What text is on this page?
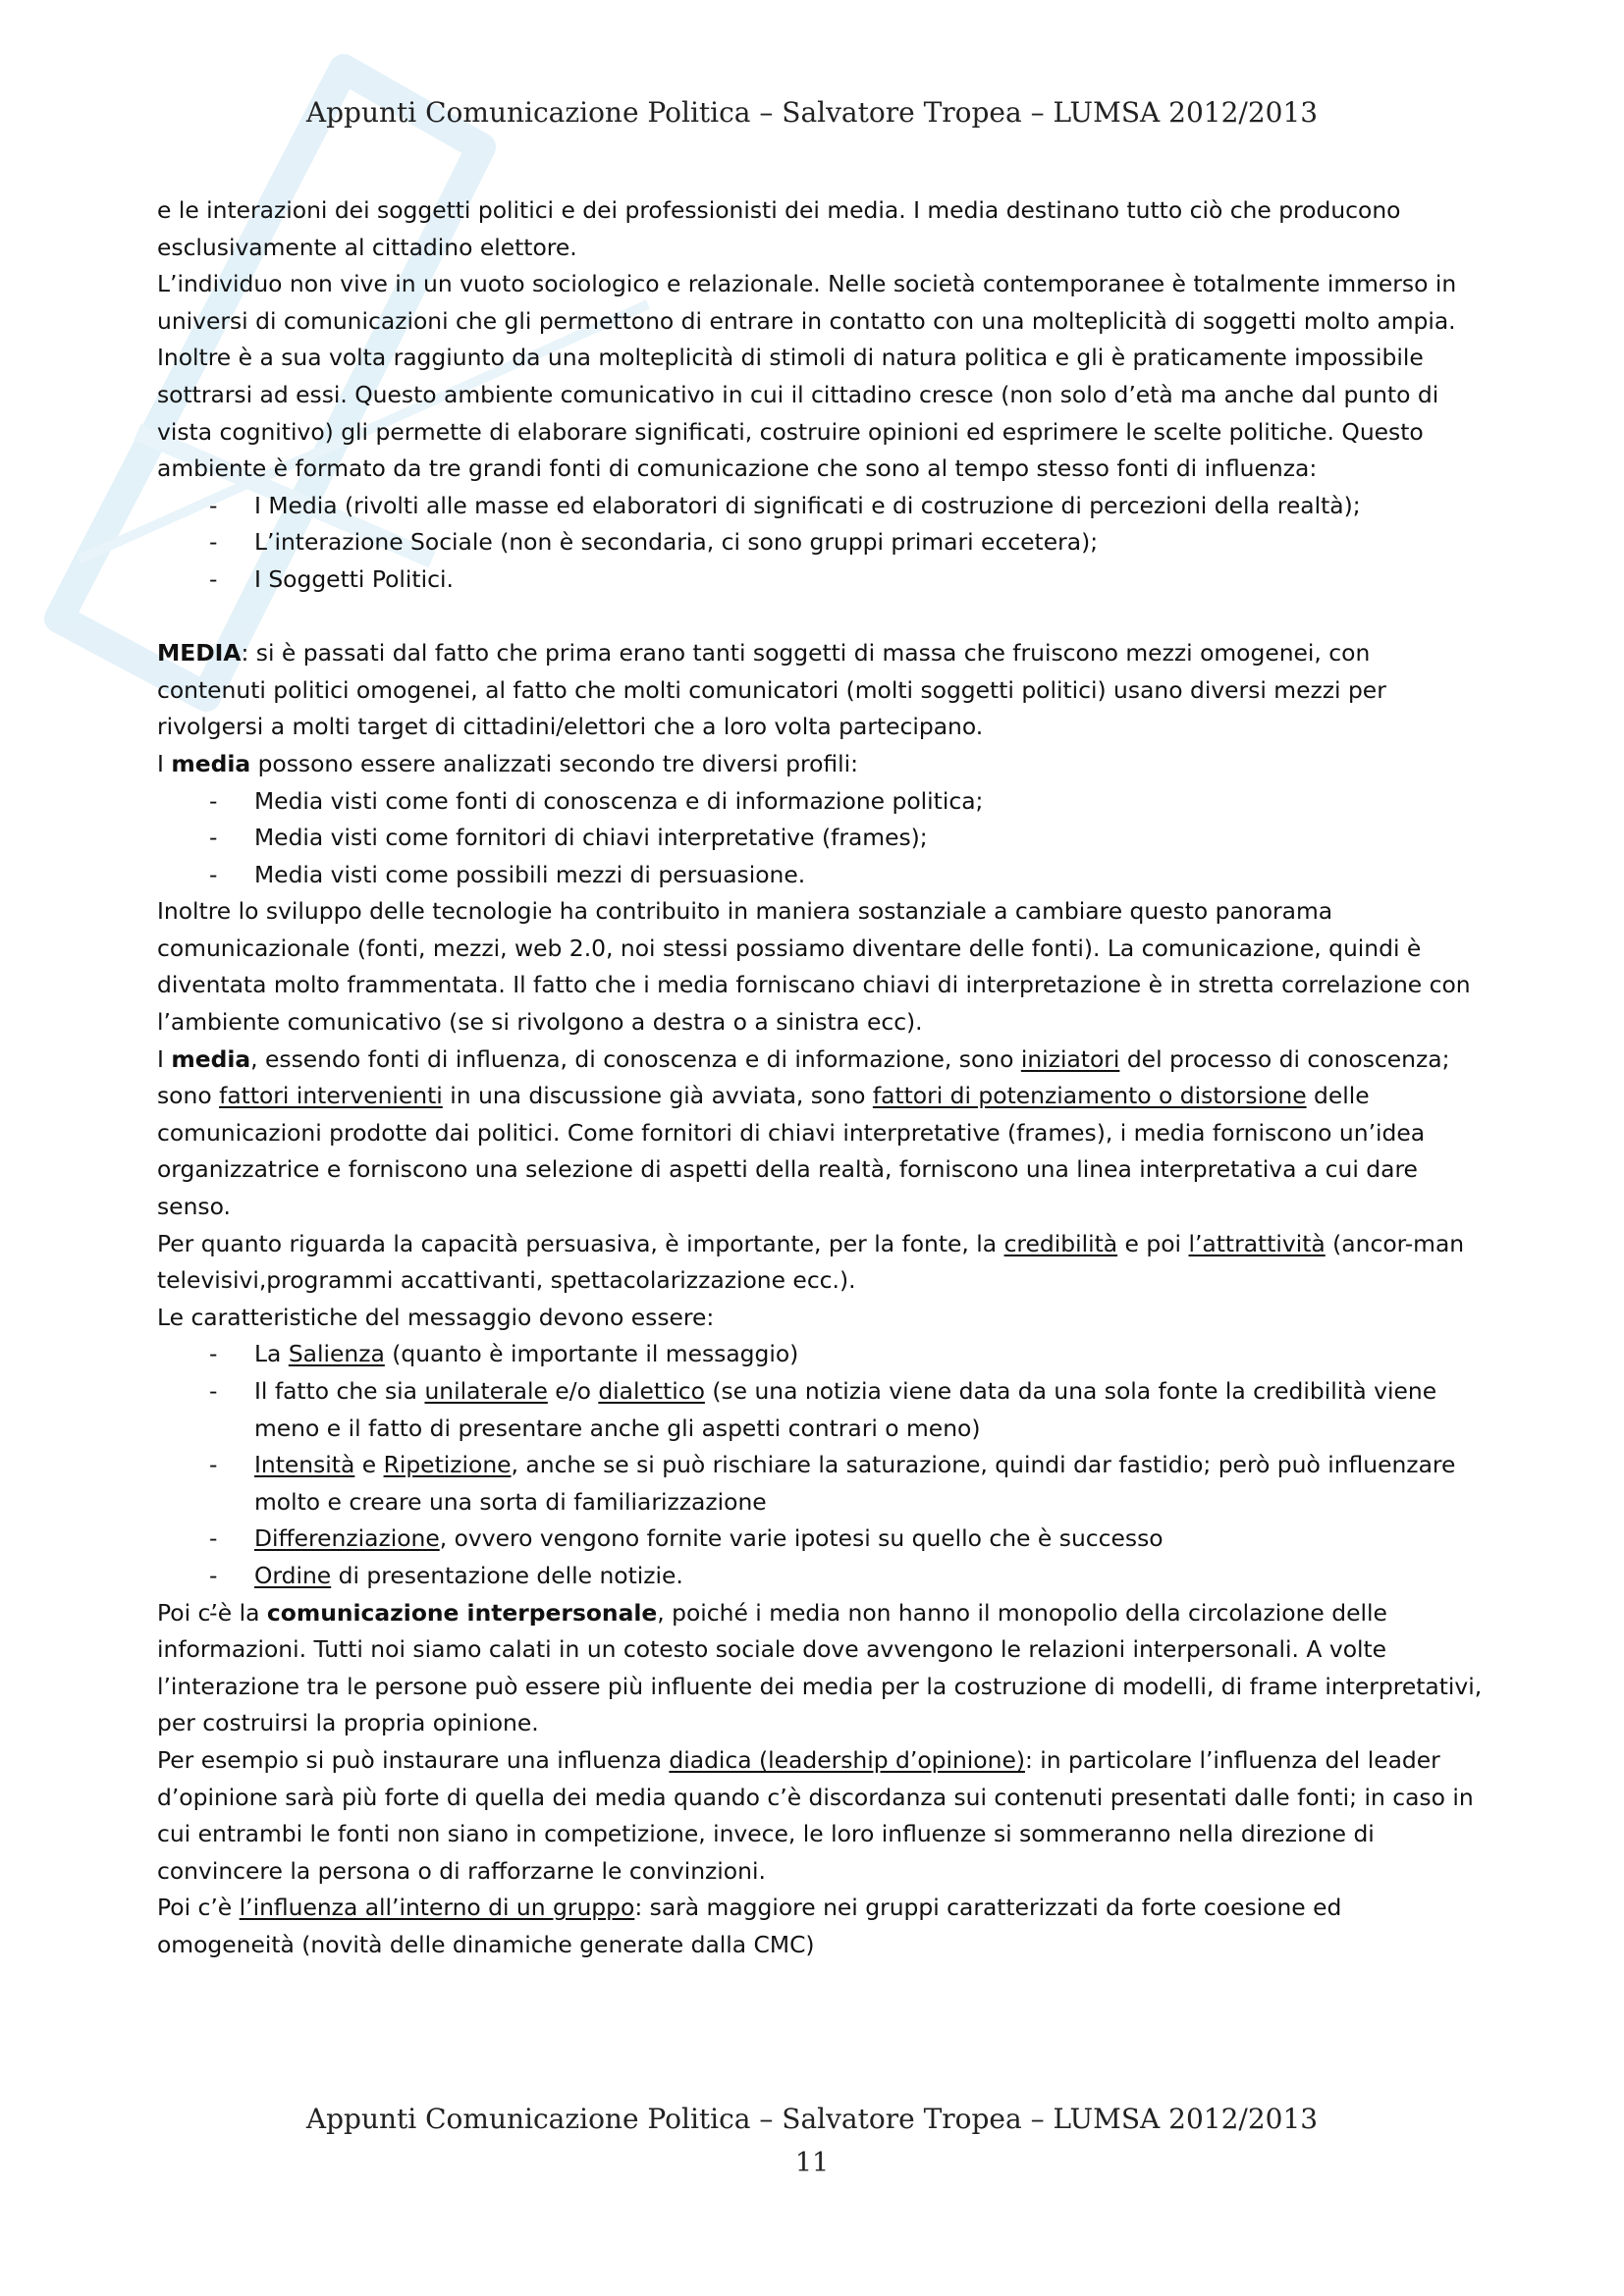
Appunti Comunicazione Politica – Salvatore Tropea – LUMSA 2012/2013

e le interazioni dei soggetti politici e dei professionisti dei media. I media destinano tutto ciò che producono esclusivamente al cittadino elettore.

L’individuo non vive in un vuoto sociologico e relazionale. Nelle società contemporanee è totalmente immerso in universi di comunicazioni che gli permettono di entrare in contatto con una molteplicità di soggetti molto ampia. Inoltre è a sua volta raggiunto da una molteplicità di stimoli di natura politica e gli è praticamente impossibile sottrarsi ad essi. Questo ambiente comunicativo in cui il cittadino cresce (non solo d’età ma anche dal punto di vista cognitivo) gli permette di elaborare significati, costruire opinioni ed esprimere le scelte politiche. Questo ambiente è formato da tre grandi fonti di comunicazione che sono al tempo stesso fonti di influenza:

- I Media (rivolti alle masse ed elaboratori di significati e di costruzione di percezioni della realtà);
- L’interazione Sociale (non è secondaria, ci sono gruppi primari eccetera);
- I Soggetti Politici.

MEDIA: si è passati dal fatto che prima erano tanti soggetti di massa che fruiscono mezzi omogenei, con contenuti politici omogenei, al fatto che molti comunicatori (molti soggetti politici) usano diversi mezzi per rivolgersi a molti target di cittadini/elettori che a loro volta partecipano.

I media possono essere analizzati secondo tre diversi profili:

- Media visti come fonti di conoscenza e di informazione politica;
- Media visti come fornitori di chiavi interpretative (frames);
- Media visti come possibili mezzi di persuasione.

Inoltre lo sviluppo delle tecnologie ha contribuito in maniera sostanziale a cambiare questo panorama comunicazionale (fonti, mezzi, web 2.0, noi stessi possiamo diventare delle fonti). La comunicazione, quindi è diventata molto frammentata. Il fatto che i media forniscano chiavi di interpretazione è in stretta correlazione con l’ambiente comunicativo (se si rivolgono a destra o a sinistra ecc).

I media, essendo fonti di influenza, di conoscenza e di informazione, sono iniziatori del processo di conoscenza; sono fattori intervenienti in una discussione già avviata, sono fattori di potenziamento o distorsione delle comunicazioni prodotte dai politici. Come fornitori di chiavi interpretative (frames), i media forniscono un’idea organizzatrice e forniscono una selezione di aspetti della realtà, forniscono una linea interpretativa a cui dare senso.

Per quanto riguarda la capacità persuasiva, è importante, per la fonte, la credibilità e poi l’attrattività (ancor-man televisivi,programmi accattivanti, spettacolarizzazione ecc.).

Le caratteristiche del messaggio devono essere:

- La Salienza (quanto è importante il messaggio)
- Il fatto che sia unilaterale e/o dialettico (se una notizia viene data da una sola fonte la credibilità viene meno e il fatto di presentare anche gli aspetti contrari o meno)
- Intensità e Ripetizione, anche se si può rischiare la saturazione, quindi dar fastidio; però può influenzare molto e creare una sorta di familiarizzazione
- Differenziazione, ovvero vengono fornite varie ipotesi su quello che è successo
- Ordine di presentazione delle notizie.

Poi c’è la comunicazione interpersonale, poiché i media non hanno il monopolio della circolazione delle informazioni. Tutti noi siamo calati in un cotesto sociale dove avvengono le relazioni interpersonali. A volte l’interazione tra le persone può essere più influente dei media per la costruzione di modelli, di frame interpretativi, per costruirsi la propria opinione.

Per esempio si può instaurare una influenza diadica (leadership d’opinione): in particolare l’influenza del leader d’opinione sarà più forte di quella dei media quando c’è discordanza sui contenuti presentati dalle fonti; in caso in cui entrambi le fonti non siano in competizione, invece, le loro influenze si sommeranno nella direzione di convincere la persona o di rafforzarne le convinzioni.

Poi c’è l’influenza all’interno di un gruppo: sarà maggiore nei gruppi caratterizzati da forte coesione ed omogeneità (novità delle dinamiche generate dalla CMC)

Appunti Comunicazione Politica – Salvatore Tropea – LUMSA 2012/2013
11
